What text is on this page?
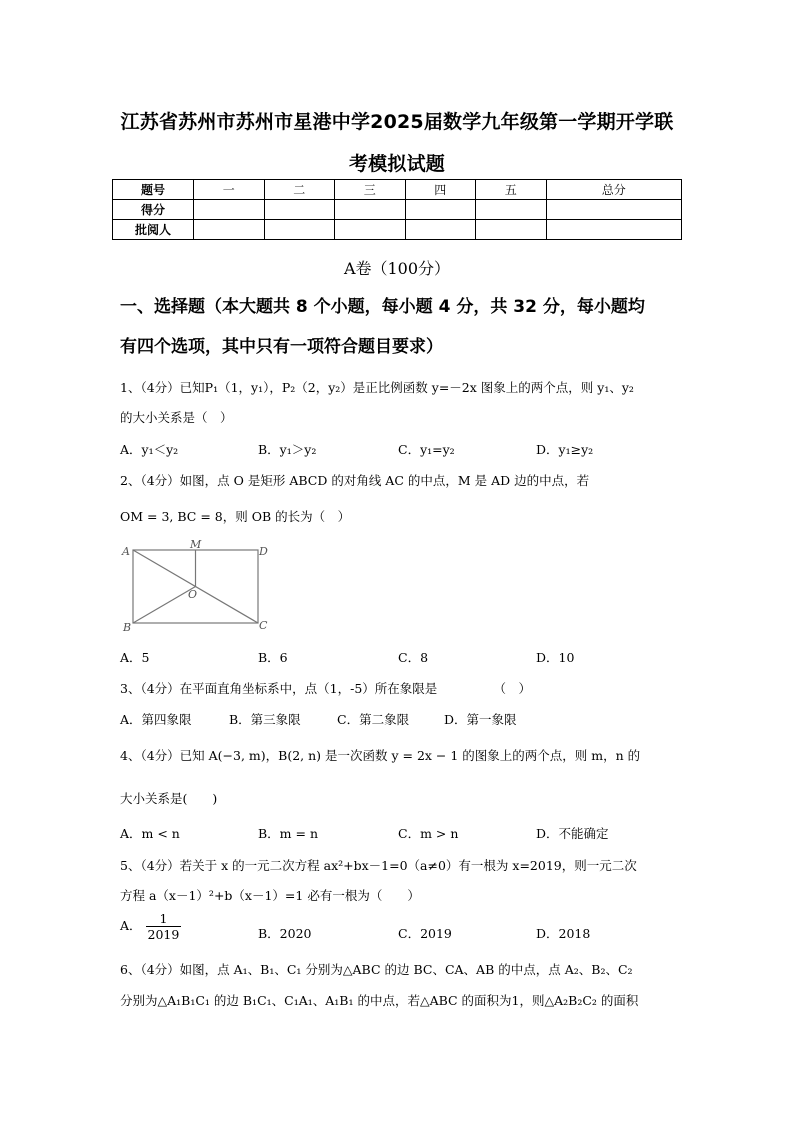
江苏省苏州市苏州市星港中学2025届数学九年级第一学期开学联
考模拟试题
题号	一	二	三	四	五	总分
得分						
批阅人						
A卷（100分）
一、选择题（本大题共 8 个小题，每小题 4 分，共 32 分，每小题均
有四个选项，其中只有一项符合题目要求）
1、（4分）已知P₁（1，y₁），P₂（2，y₂）是正比例函数 y=－2x 图象上的两个点，则 y₁、y₂
的大小关系是（　）
A．y₁＜y₂	B．y₁＞y₂	C．y₁=y₂	D．y₁≥y₂
2、（4分）如图，点 O 是矩形 ABCD 的对角线 AC 的中点，M 是 AD 边的中点，若
OM = 3, BC = 8，则 OB 的长为（　）
A
M
D
O
B	C
A．5	B．6	C．8	D．10
3、（4分）在平面直角坐标系中，点（1，-5）所在象限是　　　　　（　）
A．第四象限	B．第三象限	C．第二象限	D．第一象限
4、（4分）已知 A(−3, m)，B(2, n) 是一次函数 y = 2x − 1 的图象上的两个点，则 m，n 的
大小关系是(　　)
A．m < n	B．m = n	C．m > n	D．不能确定
5、（4分）若关于 x 的一元二次方程 ax²+bx－1=0（a≠0）有一根为 x=2019，则一元二次
方程 a（x－1）²+b（x－1）=1 必有一根为（　　）
A． $\frac{1}{2019}$	B．2020	C．2019	D．2018
6、（4分）如图，点 A₁、B₁、C₁ 分别为△ABC 的边 BC、CA、AB 的中点，点 A₂、B₂、C₂
分别为△A₁B₁C₁ 的边 B₁C₁、C₁A₁、A₁B₁ 的中点，若△ABC 的面积为1，则△A₂B₂C₂ 的面积
